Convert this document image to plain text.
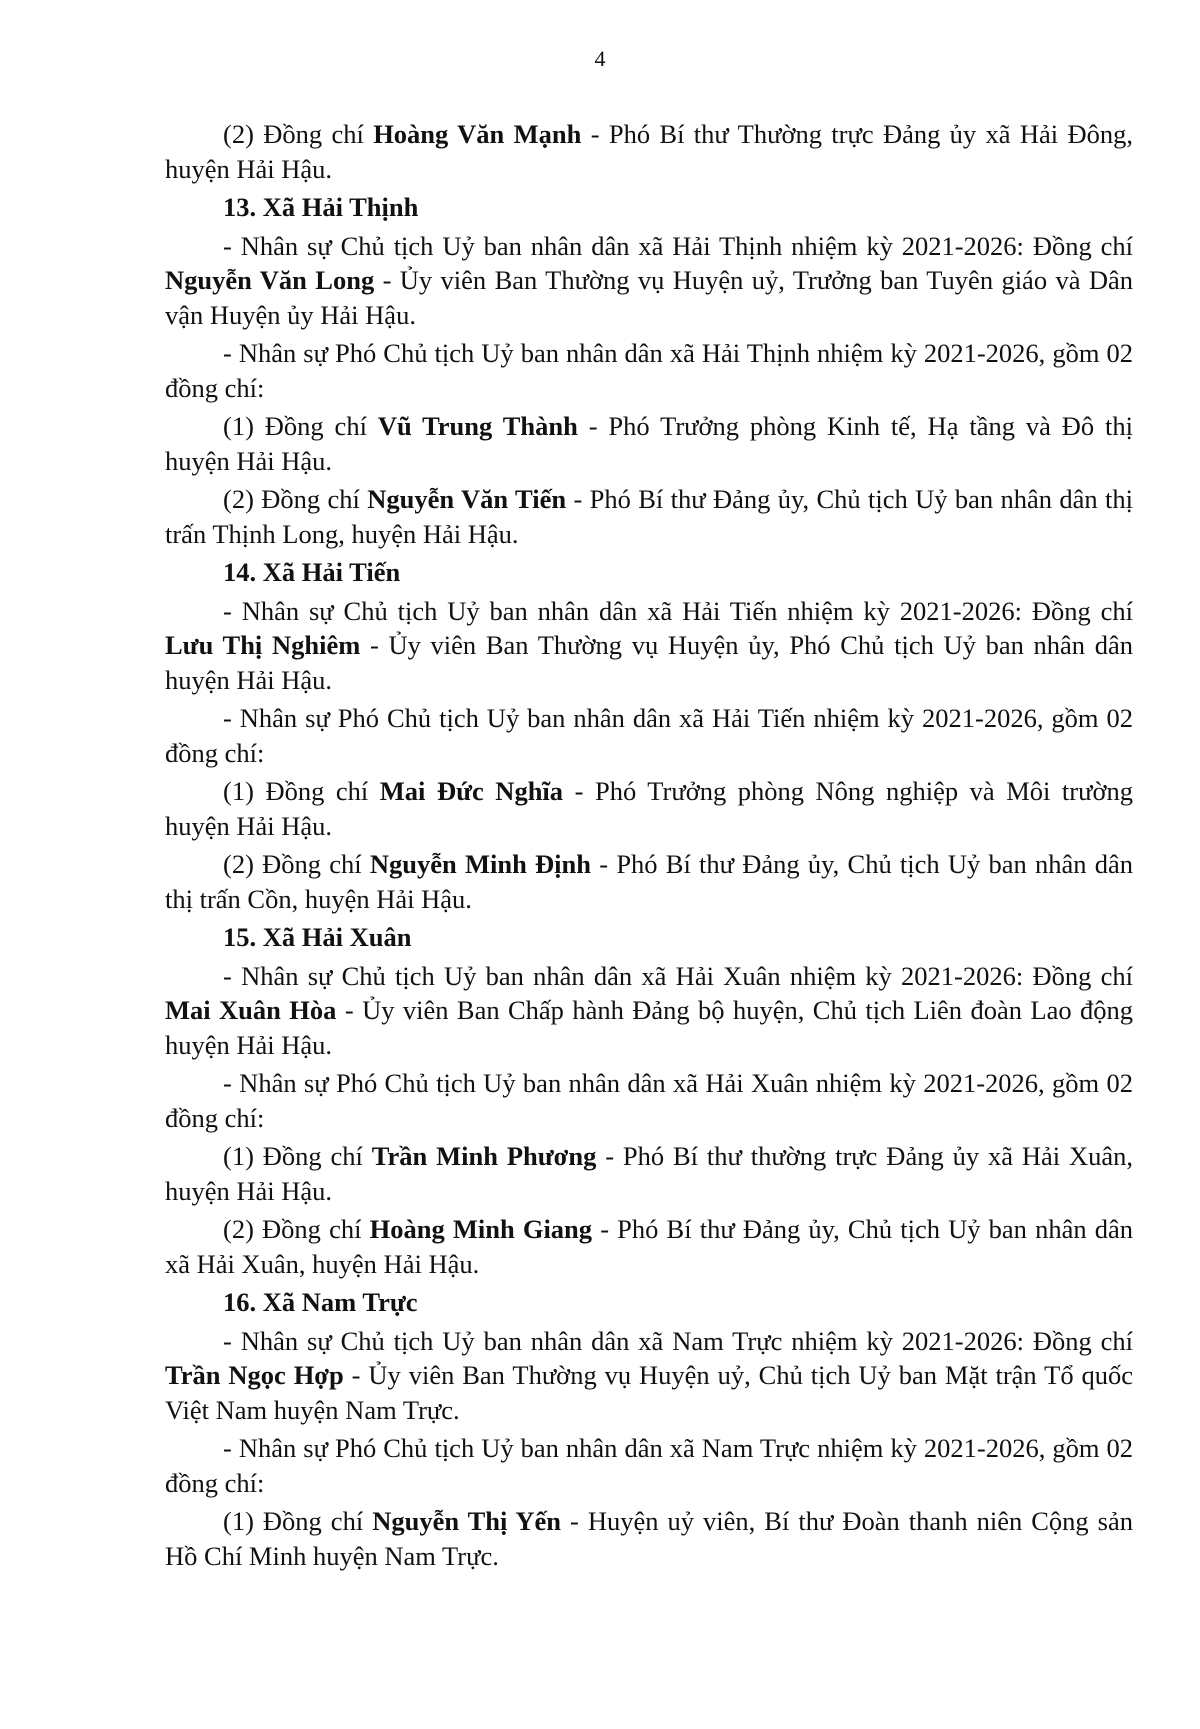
4

(2) Đồng chí Hoàng Văn Mạnh - Phó Bí thư Thường trực Đảng ủy xã Hải Đông, huyện Hải Hậu.

13. Xã Hải Thịnh

- Nhân sự Chủ tịch Uỷ ban nhân dân xã Hải Thịnh nhiệm kỳ 2021-2026: Đồng chí Nguyễn Văn Long - Ủy viên Ban Thường vụ Huyện uỷ, Trưởng ban Tuyên giáo và Dân vận Huyện ủy Hải Hậu.

- Nhân sự Phó Chủ tịch Uỷ ban nhân dân xã Hải Thịnh nhiệm kỳ 2021-2026, gồm 02 đồng chí:

(1) Đồng chí Vũ Trung Thành - Phó Trưởng phòng Kinh tế, Hạ tầng và Đô thị huyện Hải Hậu.

(2) Đồng chí Nguyễn Văn Tiến - Phó Bí thư Đảng ủy, Chủ tịch Uỷ ban nhân dân thị trấn Thịnh Long, huyện Hải Hậu.

14. Xã Hải Tiến

- Nhân sự Chủ tịch Uỷ ban nhân dân xã Hải Tiến nhiệm kỳ 2021-2026: Đồng chí Lưu Thị Nghiêm - Ủy viên Ban Thường vụ Huyện ủy, Phó Chủ tịch Uỷ ban nhân dân huyện Hải Hậu.

- Nhân sự Phó Chủ tịch Uỷ ban nhân dân xã Hải Tiến nhiệm kỳ 2021-2026, gồm 02 đồng chí:

(1) Đồng chí Mai Đức Nghĩa - Phó Trưởng phòng Nông nghiệp và Môi trường huyện Hải Hậu.

(2) Đồng chí Nguyễn Minh Định - Phó Bí thư Đảng ủy, Chủ tịch Uỷ ban nhân dân thị trấn Cồn, huyện Hải Hậu.

15. Xã Hải Xuân

- Nhân sự Chủ tịch Uỷ ban nhân dân xã Hải Xuân nhiệm kỳ 2021-2026: Đồng chí Mai Xuân Hòa - Ủy viên Ban Chấp hành Đảng bộ huyện, Chủ tịch Liên đoàn Lao động huyện Hải Hậu.

- Nhân sự Phó Chủ tịch Uỷ ban nhân dân xã Hải Xuân nhiệm kỳ 2021-2026, gồm 02 đồng chí:

(1) Đồng chí Trần Minh Phương - Phó Bí thư thường trực Đảng ủy xã Hải Xuân, huyện Hải Hậu.

(2) Đồng chí Hoàng Minh Giang - Phó Bí thư Đảng ủy, Chủ tịch Uỷ ban nhân dân xã Hải Xuân, huyện Hải Hậu.

16. Xã Nam Trực

- Nhân sự Chủ tịch Uỷ ban nhân dân xã Nam Trực nhiệm kỳ 2021-2026: Đồng chí Trần Ngọc Hợp - Ủy viên Ban Thường vụ Huyện uỷ, Chủ tịch Uỷ ban Mặt trận Tổ quốc Việt Nam huyện Nam Trực.

- Nhân sự Phó Chủ tịch Uỷ ban nhân dân xã Nam Trực nhiệm kỳ 2021-2026, gồm 02 đồng chí:

(1) Đồng chí Nguyễn Thị Yến - Huyện uỷ viên, Bí thư Đoàn thanh niên Cộng sản Hồ Chí Minh huyện Nam Trực.
